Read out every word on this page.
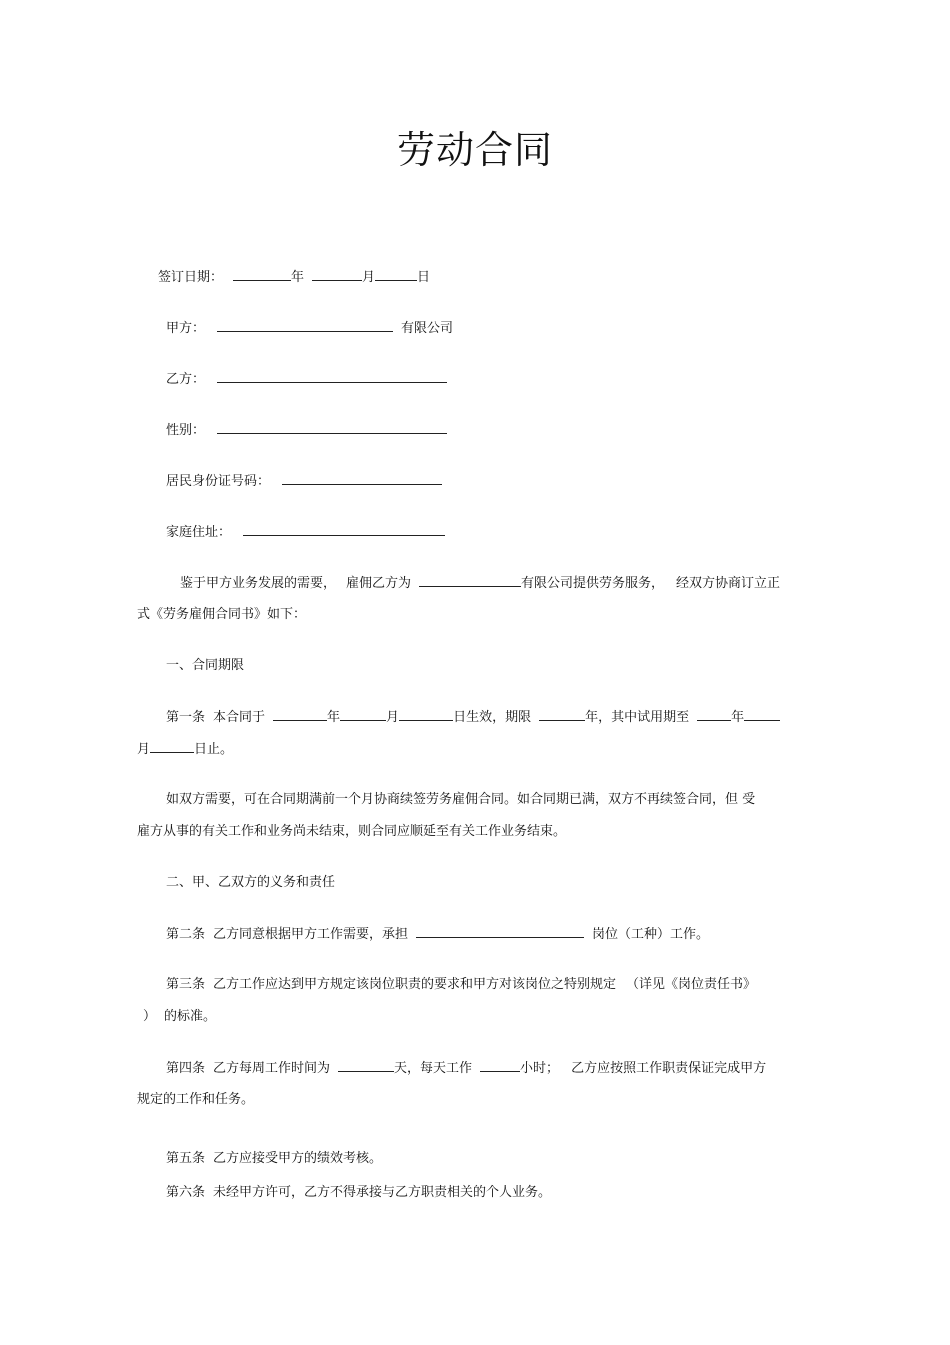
劳动合同
签订日期：	年	月	日
甲方：	有限公司
乙方：
性别：
居民身份证号码：
家庭住址：
鉴于甲方业务发展的需要， 雇佣乙方为	有限公司提供劳务服务， 经双方协商订立正
式《劳务雇佣合同书》如下：
一、合同期限
第一条 本合同于	年	月	日生效，期限	年，其中试用期至	年
月	日止。
如双方需要，可在合同期满前一个月协商续签劳务雇佣合同。如合同期已满，双方不再续签合同，但 受
雇方从事的有关工作和业务尚未结束，则合同应顺延至有关工作业务结束。
二、甲、乙双方的义务和责任
第二条 乙方同意根据甲方工作需要，承担	岗位（工种）工作。
第三条 乙方工作应达到甲方规定该岗位职责的要求和甲方对该岗位之特别规定 （详见《岗位责任书》
） 的标准。
第四条 乙方每周工作时间为	天，每天工作	小时； 乙方应按照工作职责保证完成甲方
规定的工作和任务。
第五条 乙方应接受甲方的绩效考核。
第六条 未经甲方许可，乙方不得承接与乙方职责相关的个人业务。
